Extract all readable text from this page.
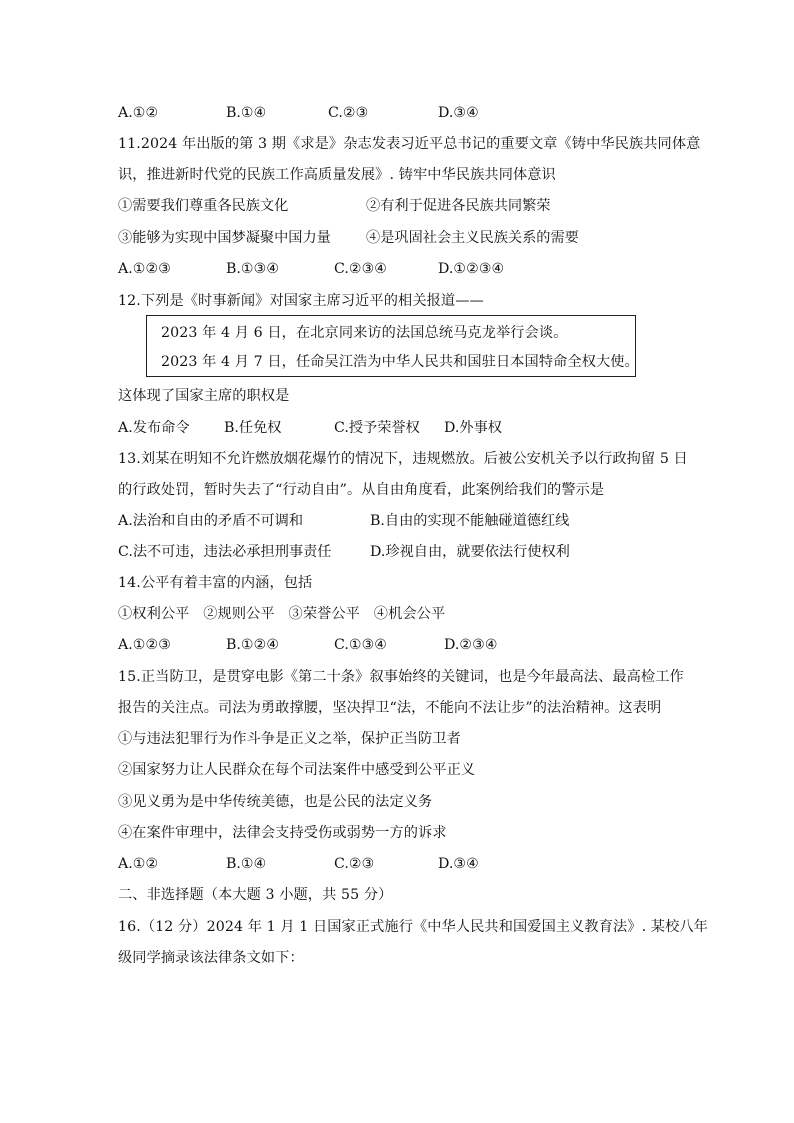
A.①②	B.①④	C.②③	D.③④
11.2024 年出版的第 3 期《求是》杂志发表习近平总书记的重要文章《铸中华民族共同体意
识，推进新时代党的民族工作高质量发展》. 铸牢中华民族共同体意识
①需要我们尊重各民族文化	②有利于促进各民族共同繁荣
③能够为实现中国梦凝聚中国力量 ④是巩固社会主义民族关系的需要
A.①②③	B.①③④	C.②③④	D.①②③④
12.下列是《时事新闻》对国家主席习近平的相关报道——
2023 年 4 月 6 日，在北京同来访的法国总统马克龙举行会谈。
2023 年 4 月 7 日，任命吴江浩为中华人民共和国驻日本国特命全权大使。
这体现了国家主席的职权是
A.发布命令 B.任免权	C.授予荣誉权 D.外事权
13.刘某在明知不允许燃放烟花爆竹的情况下，违规燃放。后被公安机关予以行政拘留 5 日
的行政处罚，暂时失去了“行动自由”。从自由角度看，此案例给我们的警示是
A.法治和自由的矛盾不可调和	B.自由的实现不能触碰道德红线
C.法不可违，违法必承担刑事责任	D.珍视自由，就要依法行使权利
14.公平有着丰富的内涵，包括
①权利公平   ②规则公平   ③荣誉公平   ④机会公平
A.①②③	B.①②④	C.①③④	D.②③④
15.正当防卫，是贯穿电影《第二十条》叙事始终的关键词，也是今年最高法、最高检工作
报告的关注点。司法为勇敢撑腰，坚决捍卫“法，不能向不法让步”的法治精神。这表明
①与违法犯罪行为作斗争是正义之举，保护正当防卫者
②国家努力让人民群众在每个司法案件中感受到公平正义
③见义勇为是中华传统美德，也是公民的法定义务
④在案件审理中，法律会支持受伤或弱势一方的诉求
A.①②	B.①④	C.②③	D.③④
二、非选择题（本大题 3 小题，共 55 分）
16.（12 分）2024 年 1 月 1 日国家正式施行《中华人民共和国爱国主义教育法》. 某校八年
级同学摘录该法律条文如下：
